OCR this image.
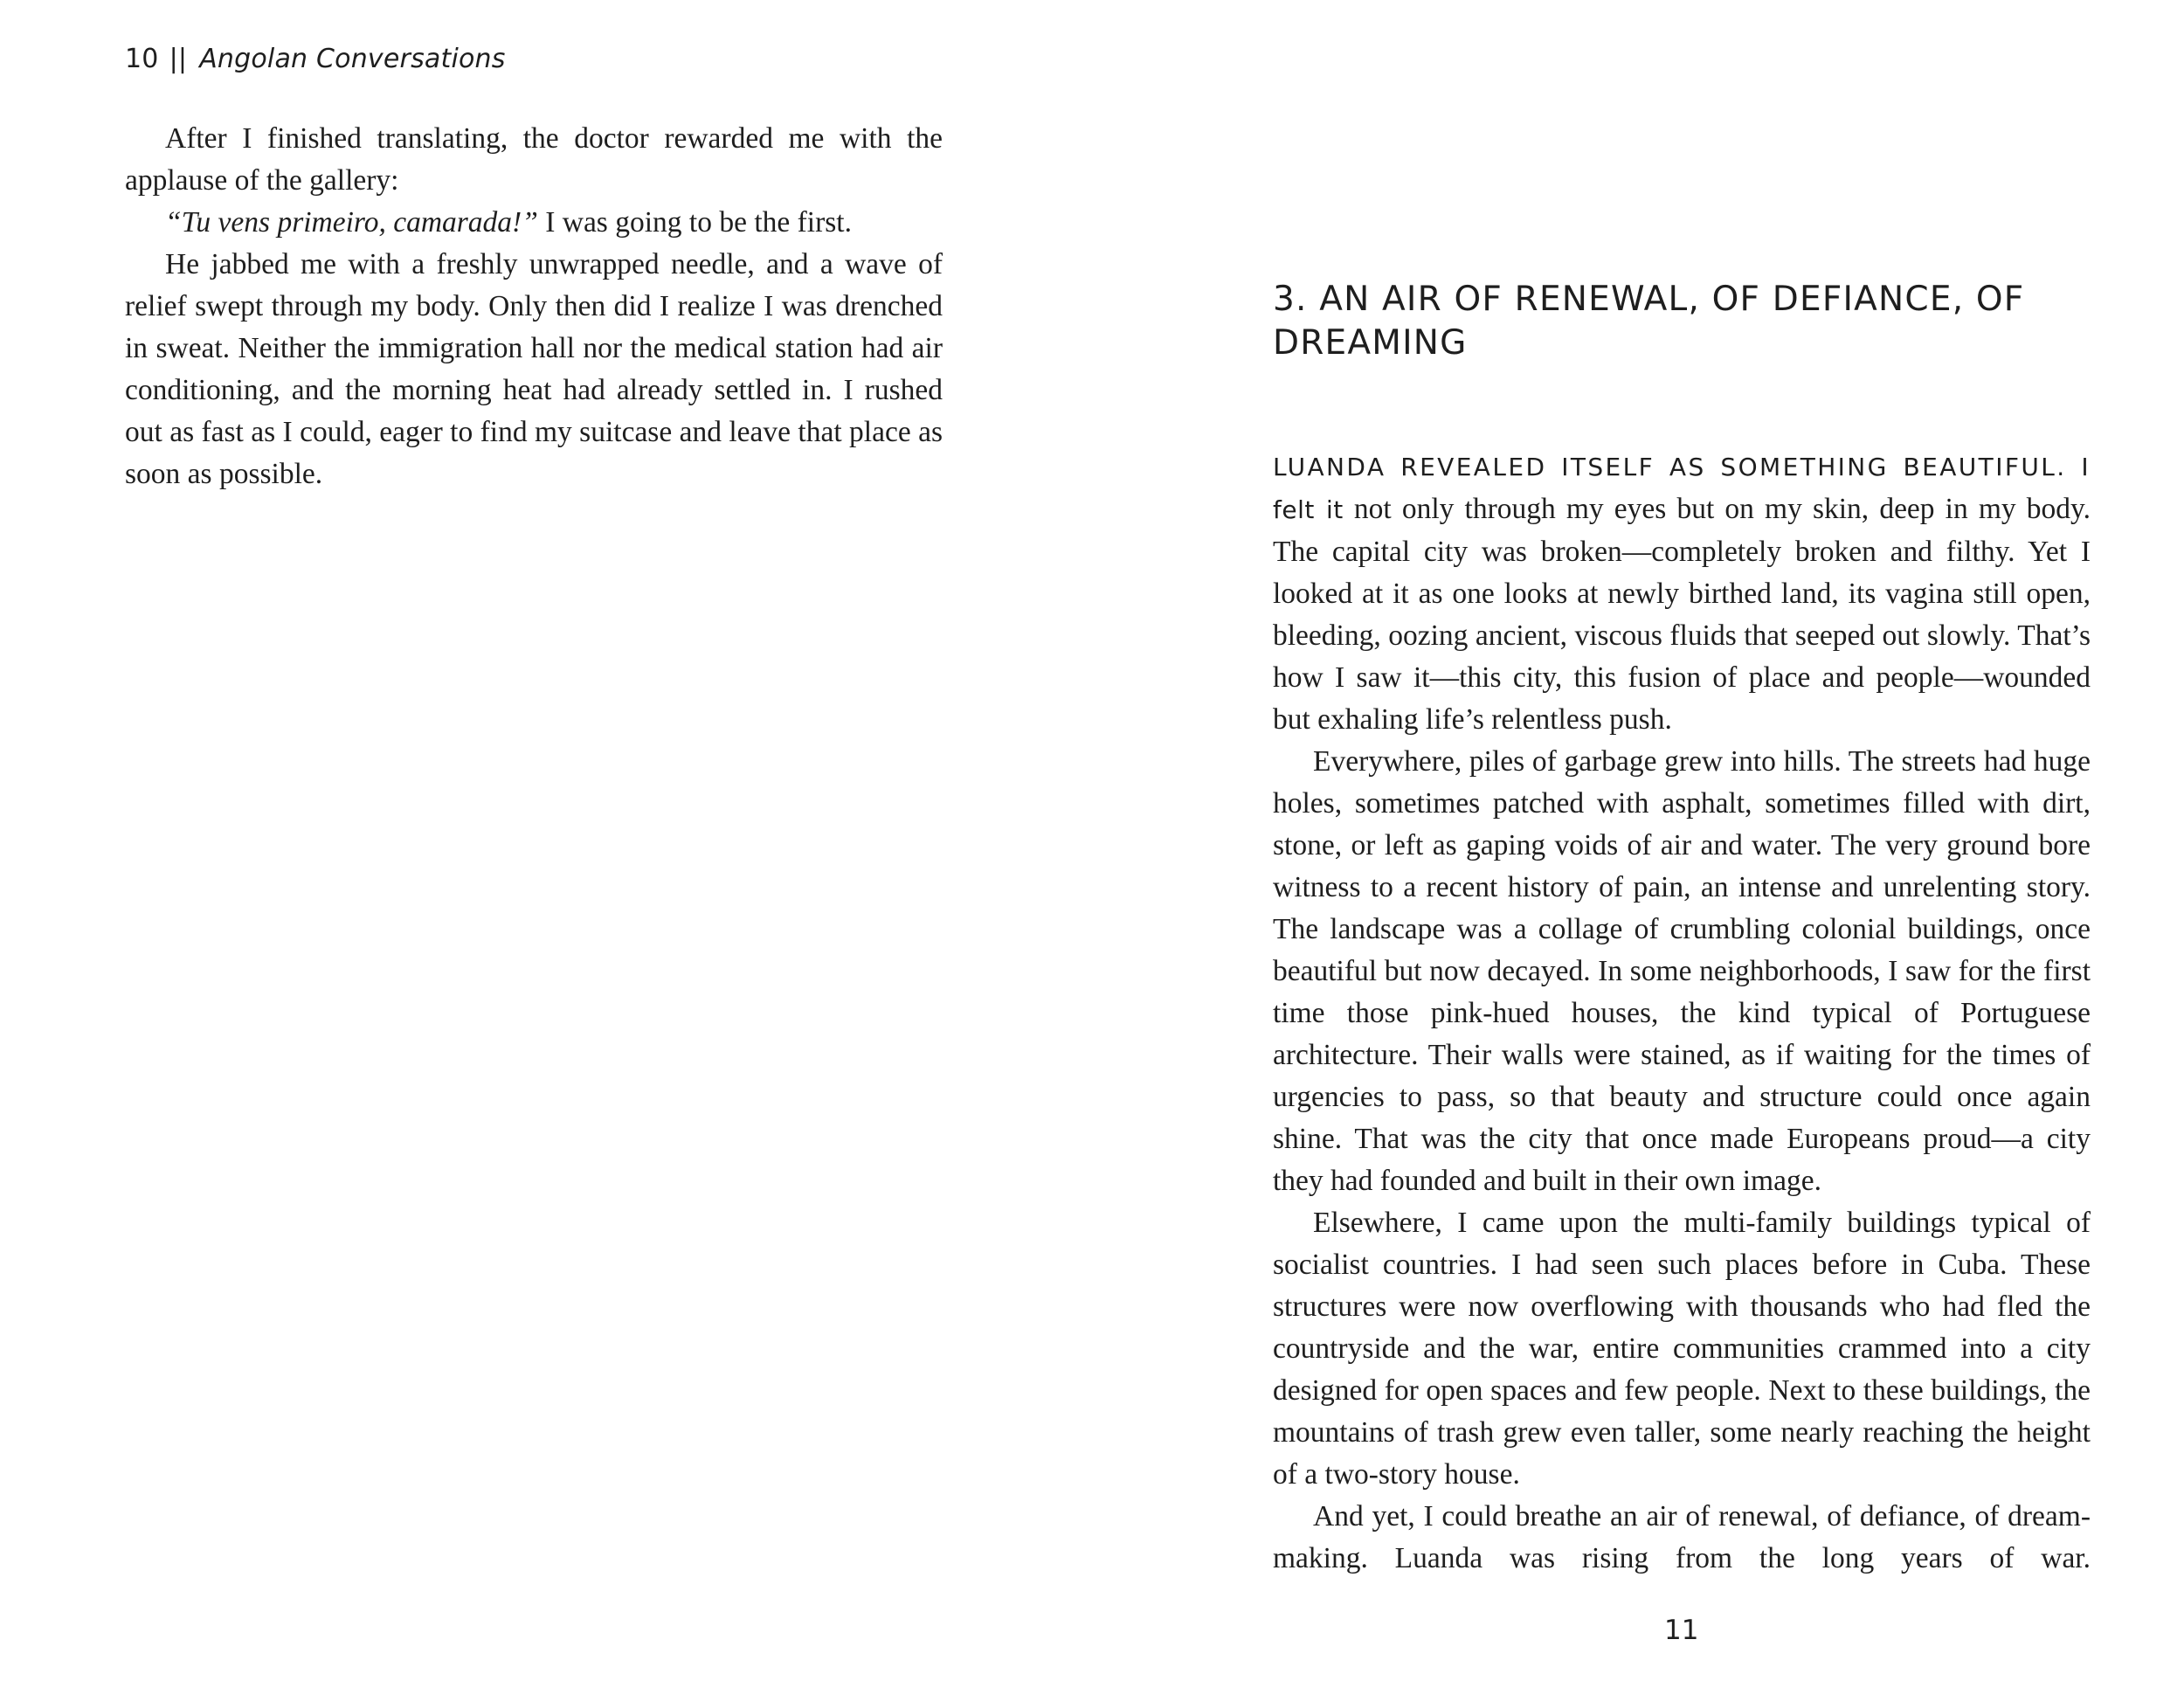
10 || Angolan Conversations

After I finished translating, the doctor rewarded me with the applause of the gallery:

“Tu vens primeiro, camarada!” I was going to be the first.

He jabbed me with a freshly unwrapped needle, and a wave of relief swept through my body. Only then did I realize I was drenched in sweat. Neither the immigration hall nor the medical station had air conditioning, and the morning heat had already settled in. I rushed out as fast as I could, eager to find my suitcase and leave that place as soon as possible.

3. AN AIR OF RENEWAL, OF DEFIANCE, OF DREAMING

LUANDA REVEALED ITSELF AS SOMETHING BEAUTIFUL. I felt it not only through my eyes but on my skin, deep in my body. The capital city was broken—completely broken and filthy. Yet I looked at it as one looks at newly birthed land, its vagina still open, bleeding, oozing ancient, viscous fluids that seeped out slowly. That’s how I saw it—this city, this fusion of place and people—wounded but exhaling life’s relentless push.

Everywhere, piles of garbage grew into hills. The streets had huge holes, sometimes patched with asphalt, sometimes filled with dirt, stone, or left as gaping voids of air and water. The very ground bore witness to a recent history of pain, an intense and unrelenting story. The landscape was a collage of crumbling colonial buildings, once beautiful but now decayed. In some neighborhoods, I saw for the first time those pink-hued houses, the kind typical of Portuguese architecture. Their walls were stained, as if waiting for the times of urgencies to pass, so that beauty and structure could once again shine. That was the city that once made Europeans proud—a city they had founded and built in their own image.

Elsewhere, I came upon the multi-family buildings typical of socialist countries. I had seen such places before in Cuba. These structures were now overflowing with thousands who had fled the countryside and the war, entire communities crammed into a city designed for open spaces and few people. Next to these buildings, the mountains of trash grew even taller, some nearly reaching the height of a two-story house.

And yet, I could breathe an air of renewal, of defiance, of dream-making. Luanda was rising from the long years of war.

11
